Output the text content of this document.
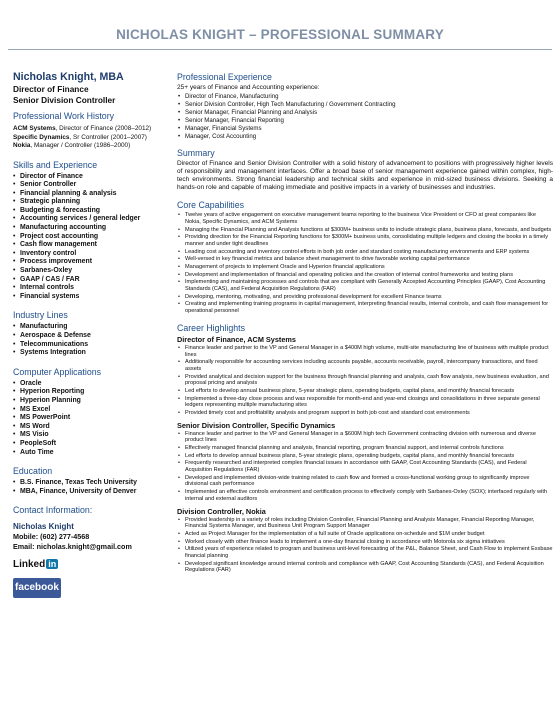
NICHOLAS KNIGHT – PROFESSIONAL SUMMARY
Nicholas Knight, MBA
Director of Finance
Senior Division Controller
Professional Work History
ACM Systems, Director of Finance (2008–2012)
Specific Dynamics, Sr Controller (2001–2007)
Nokia, Manager / Controller (1986–2000)
Skills and Experience
• Director of Finance
• Senior Controller
• Financial planning & analysis
• Strategic planning
• Budgeting & forecasting
• Accounting services / general ledger
• Manufacturing accounting
• Project cost accounting
• Cash flow management
• Inventory control
• Process improvement
• Sarbanes-Oxley
• GAAP / CAS / FAR
• Internal controls
• Financial systems
Industry Lines
• Manufacturing
• Aerospace & Defense
• Telecommunications
• Systems Integration
Computer Applications
• Oracle
• Hyperion Reporting
• Hyperion Planning
• MS Excel
• MS PowerPoint
• MS Word
• MS Visio
• PeopleSoft
• Auto Time
Education
• B.S. Finance, Texas Tech University
• MBA, Finance, University of Denver
Contact Information:
Nicholas Knight
Mobile: (602) 277-4568
Email: nicholas.knight@gmail.com
Linked in
facebook
Professional Experience
25+ years of Finance and Accounting experience:
• Director of Finance, Manufacturing
• Senior Division Controller, High Tech Manufacturing / Government Contracting
• Senior Manager, Financial Planning and Analysis
• Senior Manager, Financial Reporting
• Manager, Financial Systems
• Manager, Cost Accounting
Summary
Director of Finance and Senior Division Controller with a solid history of advancement to positions with progressively higher levels of responsibility and management interfaces. Offer a broad base of senior management experience gained within complex, high-tech environments. Strong financial leadership and technical skills and experience in mid-sized business divisions. Seeking a hands-on role and capable of making immediate and positive impacts in a variety of businesses and industries.
Core Capabilities
• Twelve years of active engagement on executive management teams reporting to the business Vice President or CFO at great companies like Nokia, Specific Dynamics, and ACM Systems
• Managing the Financial Planning and Analysis functions at $300M+ business units to include strategic plans, business plans, forecasts, and budgets
• Providing direction for the Financial Reporting functions for $300M+ business units, consolidating multiple ledgers and closing the books in a timely manner and under tight deadlines
• Leading cost accounting and inventory control efforts in both job order and standard costing manufacturing environments and ERP systems
• Well-versed in key financial metrics and balance sheet management to drive favorable working capital performance
• Management of projects to implement Oracle and Hyperion financial applications
• Development and implementation of financial and operating policies and the creation of internal control frameworks and testing plans
• Implementing and maintaining processes and controls that are compliant with Generally Accepted Accounting Principles (GAAP), Cost Accounting Standards (CAS), and Federal Acquisition Regulations (FAR)
• Developing, mentoring, motivating, and providing professional development for excellent Finance teams
• Creating and implementing training programs in capital management, interpreting financial results, internal controls, and cash flow management for operational personnel
Career Highlights
Director of Finance, ACM Systems
• Finance leader and partner to the VP and General Manager in a $400M high volume, multi-site manufacturing line of business with multiple product lines
• Additionally responsible for accounting services including accounts payable, accounts receivable, payroll, intercompany transactions, and fixed assets
• Provided analytical and decision support for the business through financial planning and analysis, cash flow analysis, new business evaluation, and proposal pricing and analysis
• Led efforts to develop annual business plans, 5-year strategic plans, operating budgets, capital plans, and monthly financial forecasts
• Implemented a three-day close process and was responsible for month-end and year-end closings and consolidations in three separate general ledgers representing multiple manufacturing sites
• Provided timely cost and profitability analysis and program support in both job cost and standard cost environments
Senior Division Controller, Specific Dynamics
• Finance leader and partner to the VP and General Manager in a $600M high tech Government contracting division with numerous and diverse product lines
• Effectively managed financial planning and analysis, financial reporting, program financial support, and internal controls functions
• Led efforts to develop annual business plans, 5-year strategic plans, operating budgets, capital plans, and monthly financial forecasts
• Frequently researched and interpreted complex financial issues in accordance with GAAP, Cost Accounting Standards (CAS), and Federal Acquisition Regulations (FAR)
• Developed and implemented division-wide training related to cash flow and formed a cross-functional working group to significantly improve divisional cash performance
• Implemented an effective controls environment and certification process to effectively comply with Sarbanes-Oxley (SOX); interfaced regularly with internal and external auditors
Division Controller, Nokia
• Provided leadership in a variety of roles including Division Controller, Financial Planning and Analysis Manager, Financial Reporting Manager, Financial Systems Manager, and Business Unit Program Support Manager
• Acted as Project Manager for the implementation of a full suite of Oracle applications on-schedule and $1M under budget
• Worked closely with other finance leads to implement a one-day financial closing in accordance with Motorola six sigma initiatives
• Utilized years of experience related to program and business unit-level forecasting of the P&L, Balance Sheet, and Cash Flow to implement Essbase financial planning
• Developed significant knowledge around internal controls and compliance with GAAP, Cost Accounting Standards (CAS), and Federal Acquisition Regulations (FAR)
